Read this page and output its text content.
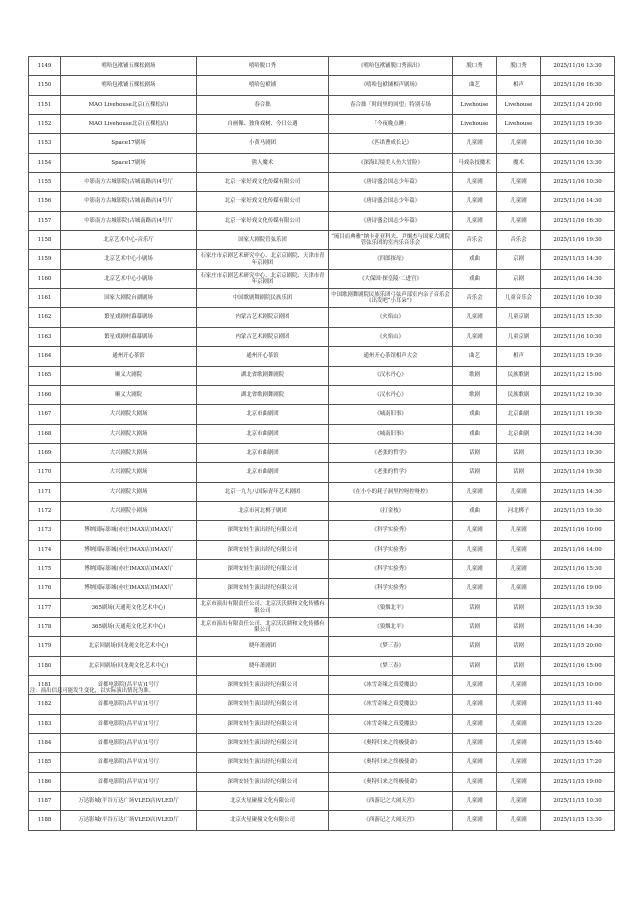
1149	嘻哈包袱铺五棵松剧场	嘻哈脱口秀	《嘻哈包袱铺脱口秀演出》	脱口秀	脱口秀	2025/11/16 13:30
1150	嘻哈包袱铺五棵松剧场	嘻哈包袱铺	《嘻哈包袱铺相声剧场》	曲艺	相声	2025/11/16 16:30
1151	MAO Livehouse北京(五棵松店)	春合拙	春合拙「时间里的回望」特别专场	Livehouse	Livehouse	2025/11/14 20:00
1152	MAO Livehouse北京(五棵松店)	自画像、独角戏树、今日公遇	「今夜晚点睡」	Livehouse	Livehouse	2025/11/15 19:30
1153	Space17剧场	小黄马剧团	《匹诺曹成长记》	儿童剧	儿童剧	2025/11/16 10:30
1154	Space17剧场	熊人魔术	《深海幻境美人鱼大冒险》	马戏杂技魔术	魔术	2025/11/16 13:30
1155	中影南方古城影院(古城南路店)4号厅	北京一家好戏文化传媒有限公司	《唐诗盛会国志少年篇》	儿童剧	儿童剧	2025/11/16 10:30
1156	中影南方古城影院(古城南路店)4号厅	北京一家好戏文化传媒有限公司	《唐诗盛会国志少年篇》	儿童剧	儿童剧	2025/11/16 14:30
1157	中影南方古城影院(古城南路店)4号厅	北京一家好戏文化传媒有限公司	《唐诗盛会国志少年篇》	儿童剧	儿童剧	2025/11/16 16:30
1158	北京艺术中心-音乐厅	国家大剧院管弦乐团	“琉目而典雅”纳卡亚亚科夫、尹炯杰与国家大剧院管弦乐团的室内乐音乐会	音乐会	音乐会	2025/11/16 19:30
1159	北京艺术中心小剧场	石家庄市京剧艺术研究中心、北京京剧院、天津市青年京剧团	《四郎探母》	戏曲	京剧	2025/11/15 14:30
1160	北京艺术中心小剧场	石家庄市京剧艺术研究中心、北京京剧院、天津市青年京剧团	《大保国·探皇陵·二进宫》	戏曲	京剧	2025/11/16 14:30
1161	国家大剧院台湖剧场	中国歌剧舞剧院民族乐团	中国歌剧舞剧院民族乐团弓弦声部室内亲子音乐会《出发吧“小耳朵”》	音乐会	儿童音乐会	2025/11/16 10:30
1162	繁星戏剧村幕幕剧场	内蒙古艺术剧院京剧团	《火焰山》	儿童剧	儿童京剧	2025/11/15 15:30
1163	繁星戏剧村幕幕剧场	内蒙古艺术剧院京剧团	《火焰山》	儿童剧	儿童京剧	2025/11/16 10:30
1164	通州开心茶馆	通州开心茶馆	通州开心茶馆相声大会	曲艺	相声	2025/11/15 19:30
1165	顺义大剧院	湖北省歌剧舞剧院	《汉水丹心》	歌剧	民族歌剧	2025/11/12 15:00
1166	顺义大剧院	湖北省歌剧舞剧院	《汉水丹心》	歌剧	民族歌剧	2025/11/12 19:30
1167	大兴剧院大剧场	北京市曲剧团	《城南旧事》	戏曲	北京曲剧	2025/11/11 19:30
1168	大兴剧院大剧场	北京市曲剧团	《城南旧事》	戏曲	北京曲剧	2025/11/12 14:30
1169	大兴剧院大剧场	北京市曲剧团	《老张的哲学》	话剧	话剧	2025/11/13 19:30
1170	大兴剧院大剧场	北京市曲剧团	《老张的哲学》	话剧	话剧	2025/11/14 19:30
1171	大兴剧院大剧场	北京一九九八国际青年艺术剧团	《在小小的耗子洞里控呀控呀控》	儿童剧	儿童剧	2025/11/15 14:30
1172	大兴剧院小剧场	北京市河北梆子剧团	《打金枝》	戏曲	河北梆子	2025/11/15 19:30
1173	博纳国际影城(亦庄IMAX店)IMAX厅	深圳安娃生演出经纪有限公司	《科学实验秀》	儿童剧	儿童剧	2025/11/16 10:00
1174	博纳国际影城(亦庄IMAX店)IMAX厅	深圳安娃生演出经纪有限公司	《科学实验秀》	儿童剧	儿童剧	2025/11/16 14:00
1175	博纳国际影城(亦庄IMAX店)IMAX厅	深圳安娃生演出经纪有限公司	《科学实验秀》	儿童剧	儿童剧	2025/11/16 15:30
1176	博纳国际影城(亦庄IMAX店)IMAX厅	深圳安娃生演出经纪有限公司	《科学实验秀》	儿童剧	儿童剧	2025/11/16 19:00
1177	365剧场(天通苑文化艺术中心)	北京市演出有限责任公司、北京沃沃鼎和文化传播有限公司	《狼烟北平》	话剧	话剧	2025/11/15 19:30
1178	365剧场(天通苑文化艺术中心)	北京市演出有限责任公司、北京沃沃鼎和文化传播有限公司	《狼烟北平》	话剧	话剧	2025/11/16 14:30
1179	北京回剧场(回龙观文化艺术中心)	晓年萧剧团	《梦三春》	话剧	话剧	2025/11/15 20:00
1180	北京回剧场(回龙观文化艺术中心)	晓年萧剧团	《梦三春》	话剧	话剧	2025/11/16 15:00
1181	首都电影院(昌平店)1号厅	深圳安娃生演出经纪有限公司	《冰雪奇缘之真爱魔法》	儿童剧	儿童剧	2025/11/15 10:00
1182	首都电影院(昌平店)1号厅	深圳安娃生演出经纪有限公司	《冰雪奇缘之真爱魔法》	儿童剧	儿童剧	2025/11/15 11:40
1183	首都电影院(昌平店)1号厅	深圳安娃生演出经纪有限公司	《冰雪奇缘之真爱魔法》	儿童剧	儿童剧	2025/11/15 13:20
1184	首都电影院(昌平店)1号厅	深圳安娃生演出经纪有限公司	《奥特归来之终极使命》	儿童剧	儿童剧	2025/11/15 15:40
1185	首都电影院(昌平店)1号厅	深圳安娃生演出经纪有限公司	《奥特归来之终极使命》	儿童剧	儿童剧	2025/11/15 17:20
1186	首都电影院(昌平店)1号厅	深圳安娃生演出经纪有限公司	《奥特归来之终极使命》	儿童剧	儿童剧	2025/11/15 19:00
1187	万达影城(平谷万达广场VLED店)VLED厅	北京火星碰撞文化有限公司	《西游记之大闹天宫》	儿童剧	儿童剧	2025/11/15 10:30
1188	万达影城(平谷万达广场VLED店)VLED厅	北京火星碰撞文化有限公司	《西游记之大闹天宫》	儿童剧	儿童剧	2025/11/15 13:30
注：演出信息可能发生变化，以实际演出情况为准。
